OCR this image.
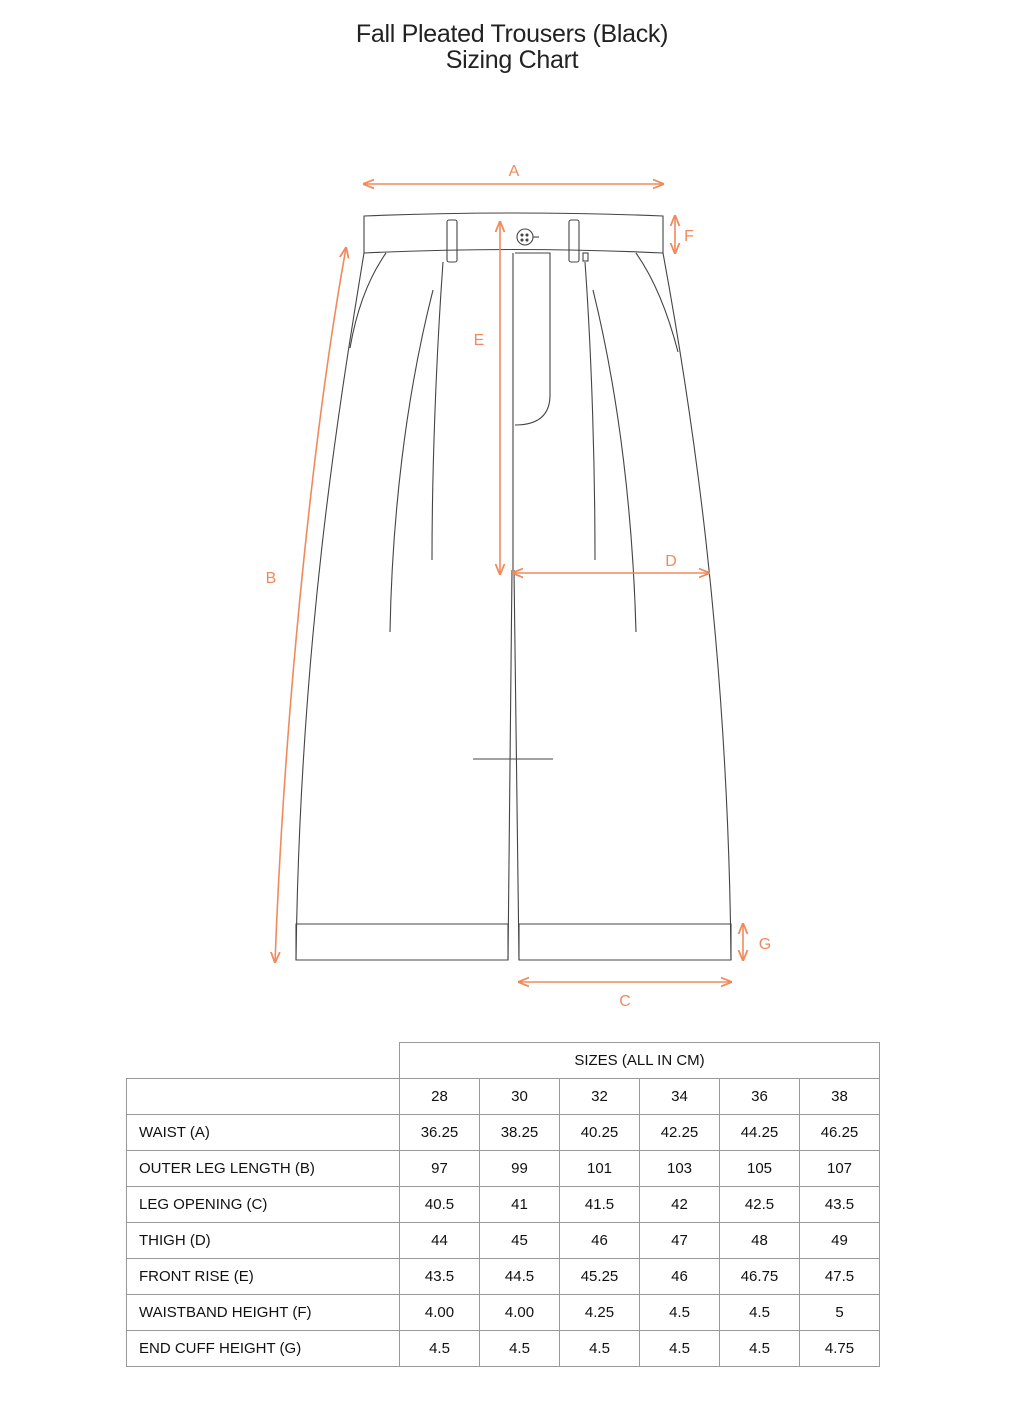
Fall Pleated Trousers (Black)
Sizing Chart
A
F
B
E
D
G
C
	SIZES (ALL IN CM)					
	28	30	32	34	36	38
WAIST (A)	36.25	38.25	40.25	42.25	44.25	46.25
OUTER LEG LENGTH (B)	97	99	101	103	105	107
LEG OPENING (C)	40.5	41	41.5	42	42.5	43.5
THIGH (D)	44	45	46	47	48	49
FRONT RISE (E)	43.5	44.5	45.25	46	46.75	47.5
WAISTBAND HEIGHT (F)	4.00	4.00	4.25	4.5	4.5	5
END CUFF HEIGHT (G)	4.5	4.5	4.5	4.5	4.5	4.75
